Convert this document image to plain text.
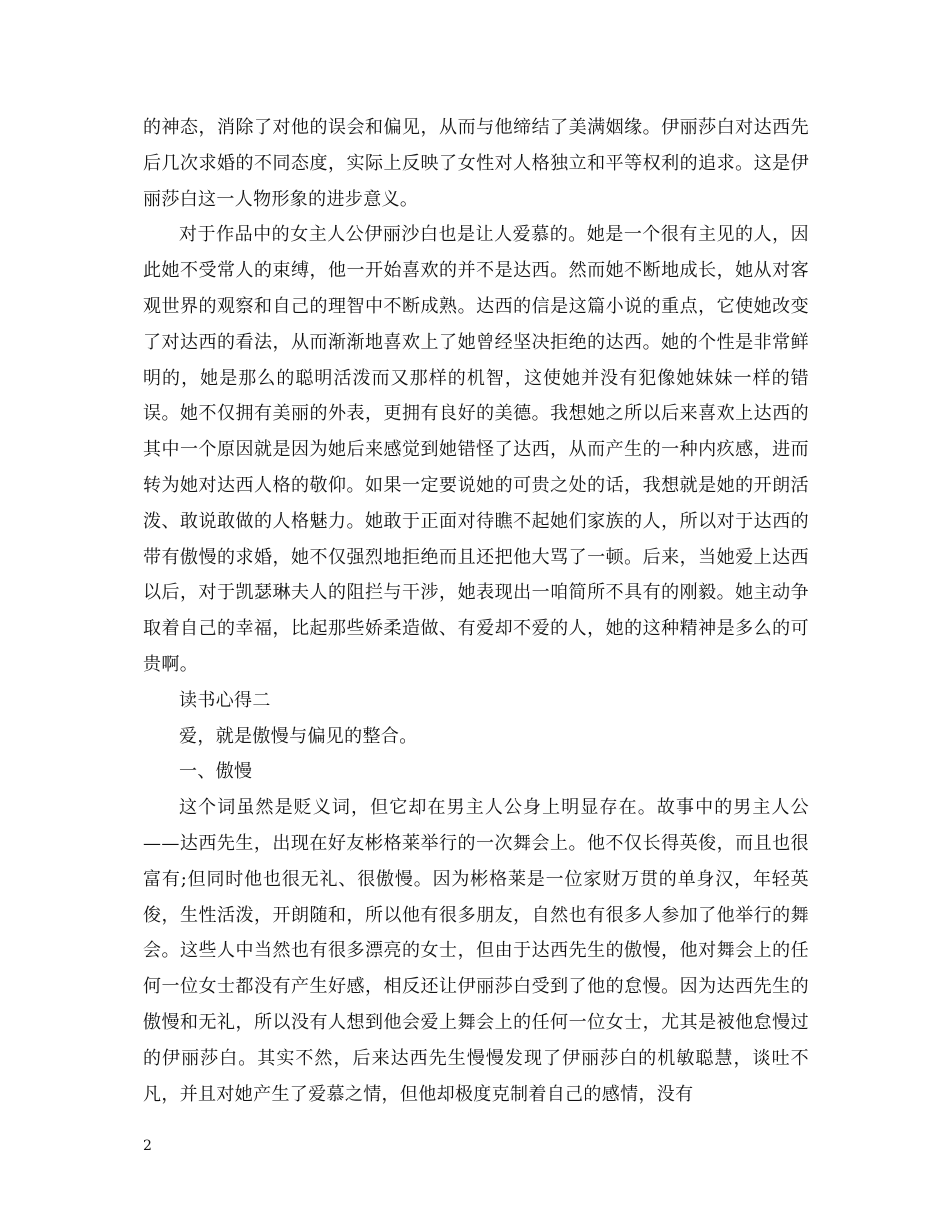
的神态，消除了对他的误会和偏见，从而与他缔结了美满姻缘。伊丽莎白对达西先后几次求婚的不同态度，实际上反映了女性对人格独立和平等权利的追求。这是伊丽莎白这一人物形象的进步意义。

对于作品中的女主人公伊丽沙白也是让人爱慕的。她是一个很有主见的人，因此她不受常人的束缚，他一开始喜欢的并不是达西。然而她不断地成长，她从对客观世界的观察和自己的理智中不断成熟。达西的信是这篇小说的重点，它使她改变了对达西的看法，从而渐渐地喜欢上了她曾经坚决拒绝的达西。她的个性是非常鲜明的，她是那么的聪明活泼而又那样的机智，这使她并没有犯像她妹妹一样的错误。她不仅拥有美丽的外表，更拥有良好的美德。我想她之所以后来喜欢上达西的其中一个原因就是因为她后来感觉到她错怪了达西，从而产生的一种内疚感，进而转为她对达西人格的敬仰。如果一定要说她的可贵之处的话，我想就是她的开朗活泼、敢说敢做的人格魅力。她敢于正面对待瞧不起她们家族的人，所以对于达西的带有傲慢的求婚，她不仅强烈地拒绝而且还把他大骂了一顿。后来，当她爱上达西以后，对于凯瑟琳夫人的阻拦与干涉，她表现出一咱简所不具有的刚毅。她主动争取着自己的幸福，比起那些娇柔造做、有爱却不爱的人，她的这种精神是多么的可贵啊。

读书心得二

爱，就是傲慢与偏见的整合。

一、傲慢

这个词虽然是贬义词，但它却在男主人公身上明显存在。故事中的男主人公——达西先生，出现在好友彬格莱举行的一次舞会上。他不仅长得英俊，而且也很富有;但同时他也很无礼、很傲慢。因为彬格莱是一位家财万贯的单身汉，年轻英俊，生性活泼，开朗随和，所以他有很多朋友，自然也有很多人参加了他举行的舞会。这些人中当然也有很多漂亮的女士，但由于达西先生的傲慢，他对舞会上的任何一位女士都没有产生好感，相反还让伊丽莎白受到了他的怠慢。因为达西先生的傲慢和无礼，所以没有人想到他会爱上舞会上的任何一位女士，尤其是被他怠慢过的伊丽莎白。其实不然，后来达西先生慢慢发现了伊丽莎白的机敏聪慧，谈吐不凡，并且对她产生了爱慕之情，但他却极度克制着自己的感情，没有

2
